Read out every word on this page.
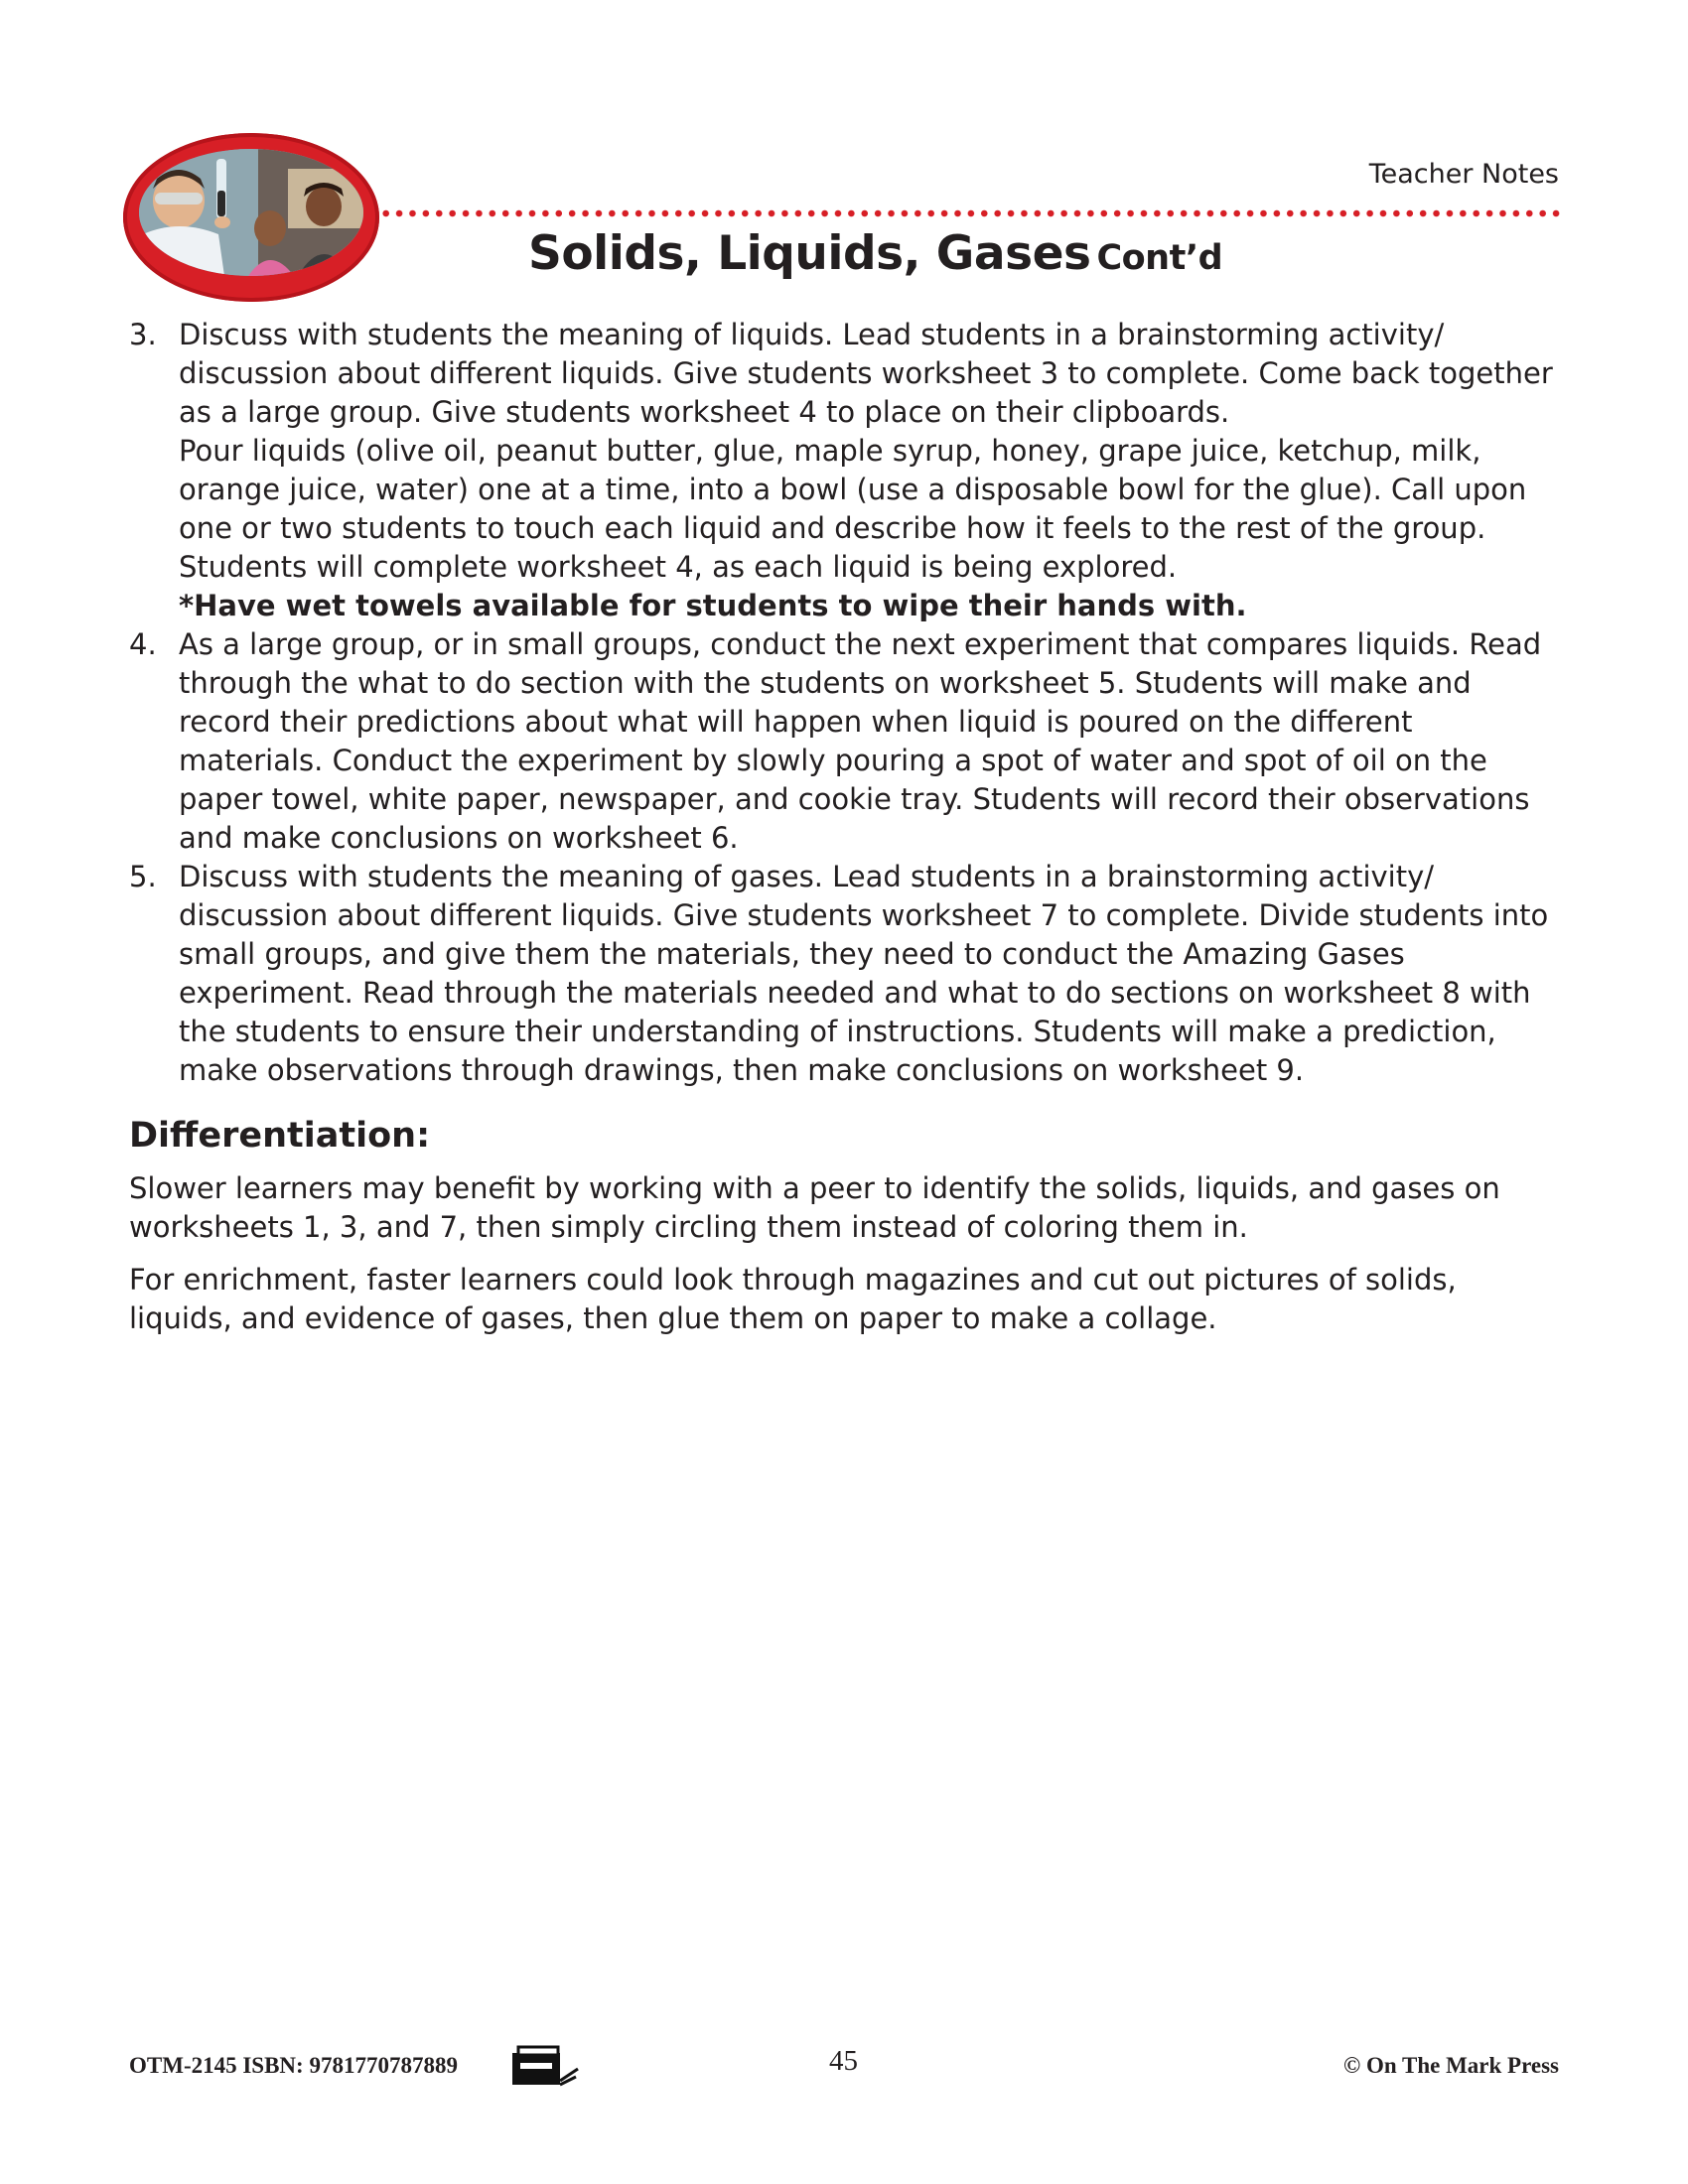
Teacher Notes
Solids, Liquids, Gases Cont’d
3. Discuss with students the meaning of liquids. Lead students in a brainstorming activity/ discussion about different liquids. Give students worksheet 3 to complete. Come back together as a large group. Give students worksheet 4 to place on their clipboards.

Pour liquids (olive oil, peanut butter, glue, maple syrup, honey, grape juice, ketchup, milk, orange juice, water) one at a time, into a bowl (use a disposable bowl for the glue). Call upon one or two students to touch each liquid and describe how it feels to the rest of the group. Students will complete worksheet 4, as each liquid is being explored.

*Have wet towels available for students to wipe their hands with.

4. As a large group, or in small groups, conduct the next experiment that compares liquids. Read through the what to do section with the students on worksheet 5. Students will make and record their predictions about what will happen when liquid is poured on the different materials. Conduct the experiment by slowly pouring a spot of water and spot of oil on the paper towel, white paper, newspaper, and cookie tray. Students will record their observations and make conclusions on worksheet 6.

5. Discuss with students the meaning of gases. Lead students in a brainstorming activity/ discussion about different liquids. Give students worksheet 7 to complete. Divide students into small groups, and give them the materials, they need to conduct the Amazing Gases experiment. Read through the materials needed and what to do sections on worksheet 8 with the students to ensure their understanding of instructions. Students will make a prediction, make observations through drawings, then make conclusions on worksheet 9.

Differentiation:

Slower learners may benefit by working with a peer to identify the solids, liquids, and gases on worksheets 1, 3, and 7, then simply circling them instead of coloring them in.

For enrichment, faster learners could look through magazines and cut out pictures of solids, liquids, and evidence of gases, then glue them on paper to make a collage.

OTM-2145 ISBN: 9781770787889	45	© On The Mark Press
